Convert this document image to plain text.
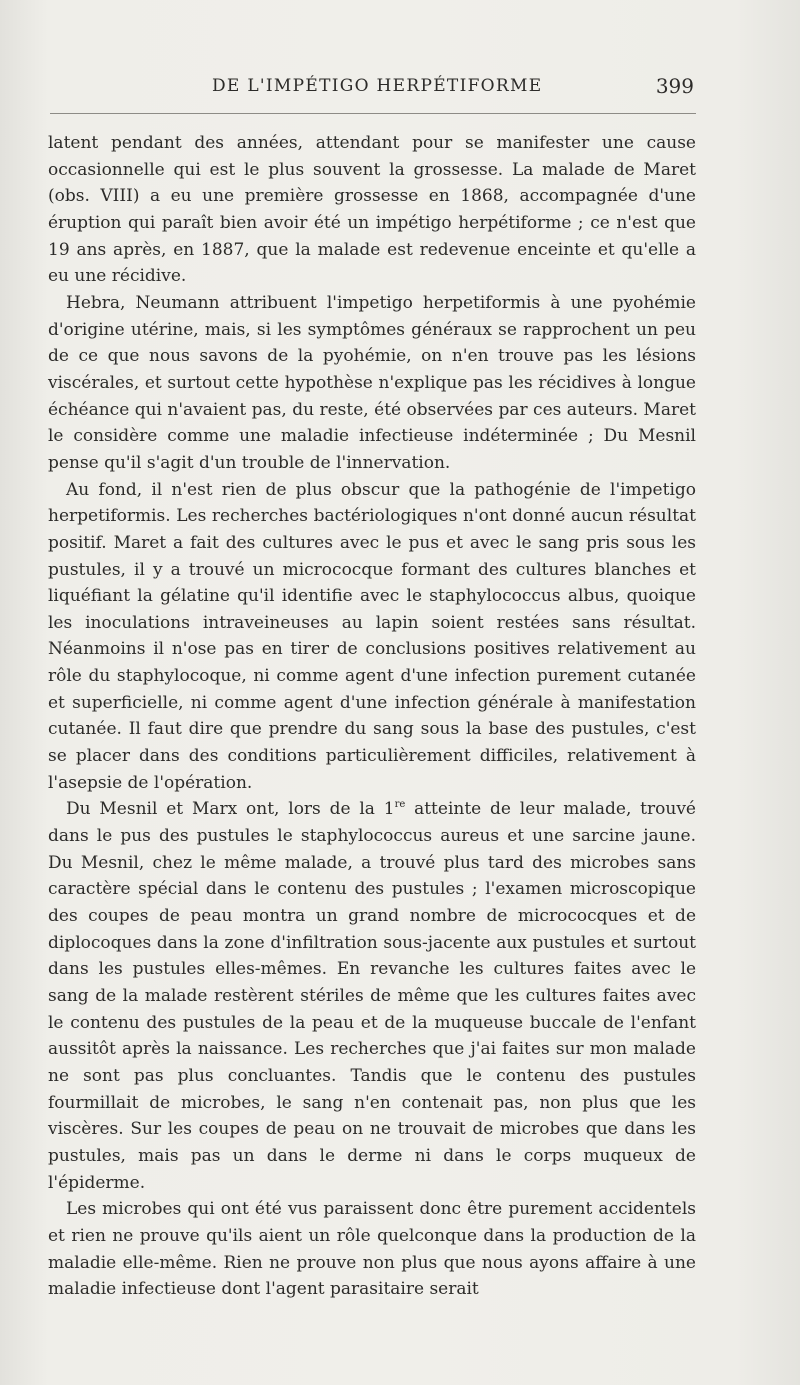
DE L'IMPÉTIGO HERPÉTIFORME	399

latent pendant des années, attendant pour se manifester une cause occasionnelle qui est le plus souvent la grossesse. La malade de Maret (obs. VIII) a eu une première grossesse en 1868, accompagnée d'une éruption qui paraît bien avoir été un impétigo herpétiforme ; ce n'est que 19 ans après, en 1887, que la malade est redevenue enceinte et qu'elle a eu une récidive.

Hebra, Neumann attribuent l'impetigo herpetiformis à une pyohémie d'origine utérine, mais, si les symptômes généraux se rapprochent un peu de ce que nous savons de la pyohémie, on n'en trouve pas les lésions viscérales, et surtout cette hypothèse n'explique pas les récidives à longue échéance qui n'avaient pas, du reste, été observées par ces auteurs. Maret le considère comme une maladie infectieuse indéterminée ; Du Mesnil pense qu'il s'agit d'un trouble de l'innervation.

Au fond, il n'est rien de plus obscur que la pathogénie de l'impetigo herpetiformis. Les recherches bactériologiques n'ont donné aucun résultat positif. Maret a fait des cultures avec le pus et avec le sang pris sous les pustules, il y a trouvé un micrococque formant des cultures blanches et liquéfiant la gélatine qu'il identifie avec le staphylococcus albus, quoique les inoculations intraveineuses au lapin soient restées sans résultat. Néanmoins il n'ose pas en tirer de conclusions positives relativement au rôle du staphylocoque, ni comme agent d'une infection purement cutanée et superficielle, ni comme agent d'une infection générale à manifestation cutanée. Il faut dire que prendre du sang sous la base des pustules, c'est se placer dans des conditions particulièrement difficiles, relativement à l'asepsie de l'opération.

Du Mesnil et Marx ont, lors de la 1re atteinte de leur malade, trouvé dans le pus des pustules le staphylococcus aureus et une sarcine jaune. Du Mesnil, chez le même malade, a trouvé plus tard des microbes sans caractère spécial dans le contenu des pustules ; l'examen microscopique des coupes de peau montra un grand nombre de micrococques et de diplocoques dans la zone d'infiltration sous-jacente aux pustules et surtout dans les pustules elles-mêmes. En revanche les cultures faites avec le sang de la malade restèrent stériles de même que les cultures faites avec le contenu des pustules de la peau et de la muqueuse buccale de l'enfant aussitôt après la naissance. Les recherches que j'ai faites sur mon malade ne sont pas plus concluantes. Tandis que le contenu des pustules fourmillait de microbes, le sang n'en contenait pas, non plus que les viscères. Sur les coupes de peau on ne trouvait de microbes que dans les pustules, mais pas un dans le derme ni dans le corps muqueux de l'épiderme.

Les microbes qui ont été vus paraissent donc être purement accidentels et rien ne prouve qu'ils aient un rôle quelconque dans la production de la maladie elle-même. Rien ne prouve non plus que nous ayons affaire à une maladie infectieuse dont l'agent parasitaire serait
